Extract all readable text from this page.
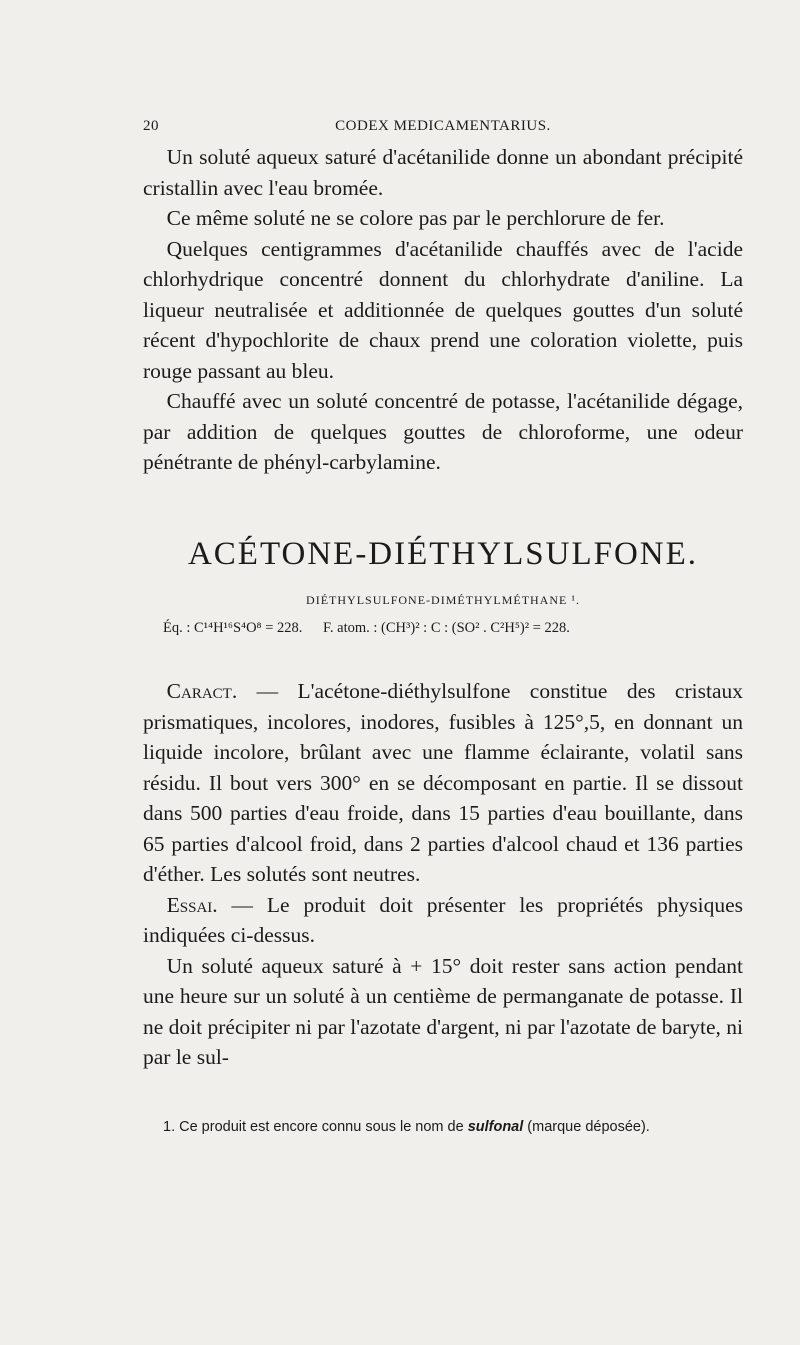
20	CODEX MEDICAMENTARIUS.

Un soluté aqueux saturé d'acétanilide donne un abondant précipité cristallin avec l'eau bromée.

Ce même soluté ne se colore pas par le perchlorure de fer.

Quelques centigrammes d'acétanilide chauffés avec de l'acide chlorhydrique concentré donnent du chlorhydrate d'aniline. La liqueur neutralisée et additionnée de quelques gouttes d'un soluté récent d'hypochlorite de chaux prend une coloration violette, puis rouge passant au bleu.

Chauffé avec un soluté concentré de potasse, l'acétanilide dégage, par addition de quelques gouttes de chloroforme, une odeur pénétrante de phényl-carbylamine.

ACÉTONE-DIÉTHYLSULFONE.
DIÉTHYLSULFONE-DIMÉTHYLMÉTHANE ¹.
Éq. : C¹⁴H¹⁶S⁴O⁸ = 228. F. atom. : (CH³)² : C : (SO² . C²H⁵)² = 228.

Caract. — L'acétone-diéthylsulfone constitue des cristaux prismatiques, incolores, inodores, fusibles à 125°,5, en donnant un liquide incolore, brûlant avec une flamme éclairante, volatil sans résidu. Il bout vers 300° en se décomposant en partie. Il se dissout dans 500 parties d'eau froide, dans 15 parties d'eau bouillante, dans 65 parties d'alcool froid, dans 2 parties d'alcool chaud et 136 parties d'éther. Les solutés sont neutres.

Essai. — Le produit doit présenter les propriétés physiques indiquées ci-dessus.

Un soluté aqueux saturé à + 15° doit rester sans action pendant une heure sur un soluté à un centième de permanganate de potasse. Il ne doit précipiter ni par l'azotate d'argent, ni par l'azotate de baryte, ni par le sul-

1. Ce produit est encore connu sous le nom de sulfonal (marque déposée).
